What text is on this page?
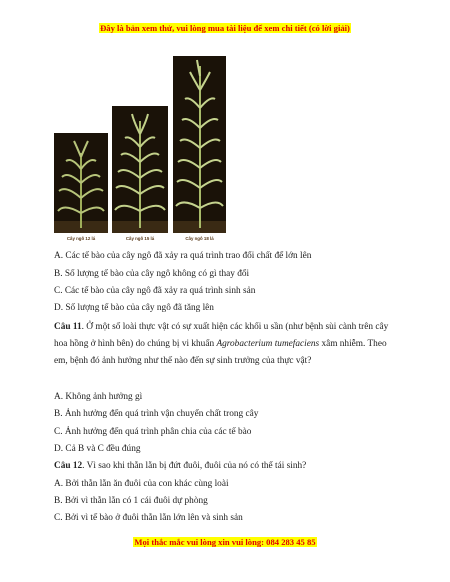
Đây là bản xem thử, vui lòng mua tài liệu để xem chi tiết (có lời giải)
Cây ngô 12 lá	Cây ngô 15 lá	Cây ngô 18 lá
A. Các tế bào của cây ngô đã xảy ra quá trình trao đổi chất để lớn lên
B. Số lượng tế bào của cây ngô không có gì thay đổi
C. Các tế bào của cây ngô đã xảy ra quá trình sinh sản
D. Số lượng tế bào của cây ngô đã tăng lên
Câu 11. Ở một số loài thực vật có sự xuất hiện các khối u sần (như bệnh sùi cành trên cây hoa hồng ở hình bên) do chúng bị vi khuẩn Agrobacterium tumefaciens xâm nhiễm. Theo em, bệnh đó ảnh hưởng như thế nào đến sự sinh trưởng của thực vật?
A. Không ảnh hưởng gì
B. Ảnh hưởng đến quá trình vận chuyển chất trong cây
C. Ảnh hưởng đến quá trình phân chia của các tế bào
D. Cả B và C đều đúng
Câu 12. Vì sao khi thằn lằn bị đứt đuôi, đuôi của nó có thể tái sinh?
A. Bởi thằn lằn ăn đuôi của con khác cùng loài
B. Bởi vì thằn lằn có 1 cái đuôi dự phòng
C. Bởi vì tế bào ở đuôi thằn lằn lớn lên và sinh sản
Mọi thắc mắc vui lòng xin vui lòng: 084 283 45 85
